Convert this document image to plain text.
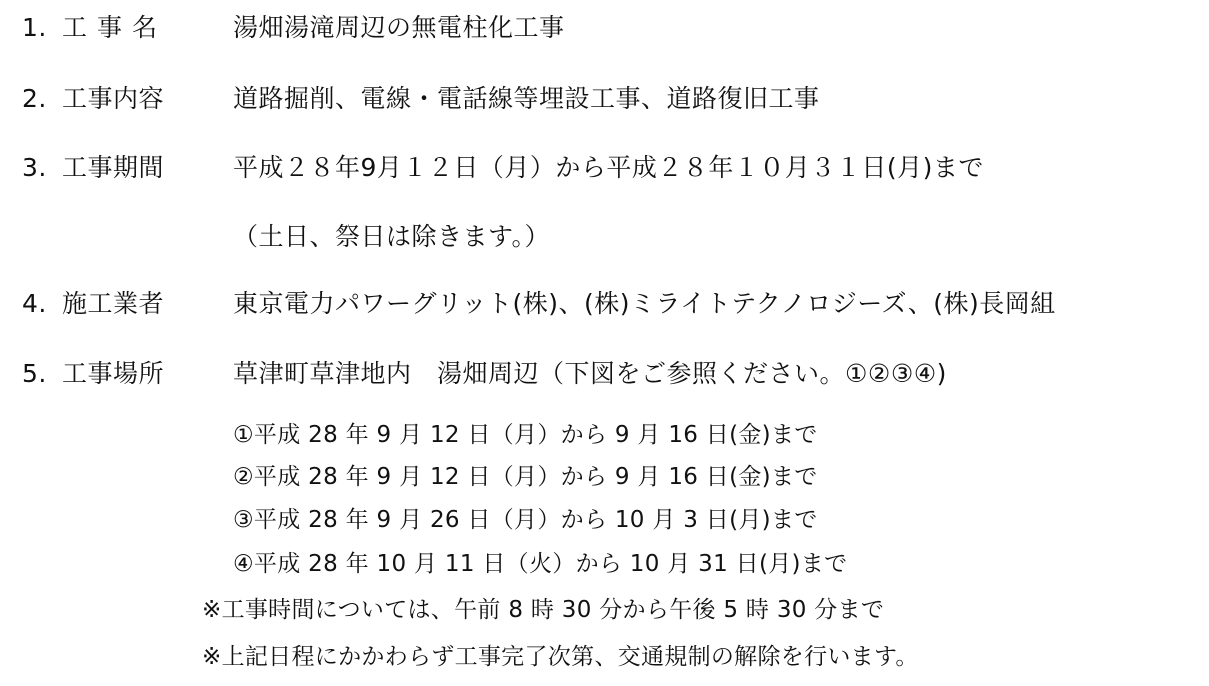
1. 工事名	湯畑湯滝周辺の無電柱化工事
2. 工事内容	道路掘削、電線・電話線等埋設工事、道路復旧工事
3. 工事期間	平成２８年9月１２日（月）から平成２８年１０月３１日(月)まで
（土日、祭日は除きます。）
4. 施工業者	東京電力パワーグリット(株)、(株)ミライトテクノロジーズ、(株)長岡組
5. 工事場所	草津町草津地内　湯畑周辺（下図をご参照ください。①②③④)
①平成 28 年 9 月 12 日（月）から 9 月 16 日(金)まで
②平成 28 年 9 月 12 日（月）から 9 月 16 日(金)まで
③平成 28 年 9 月 26 日（月）から 10 月 3 日(月)まで
④平成 28 年 10 月 11 日（火）から 10 月 31 日(月)まで
※工事時間については、午前 8 時 30 分から午後 5 時 30 分まで
※上記日程にかかわらず工事完了次第、交通規制の解除を行います。
